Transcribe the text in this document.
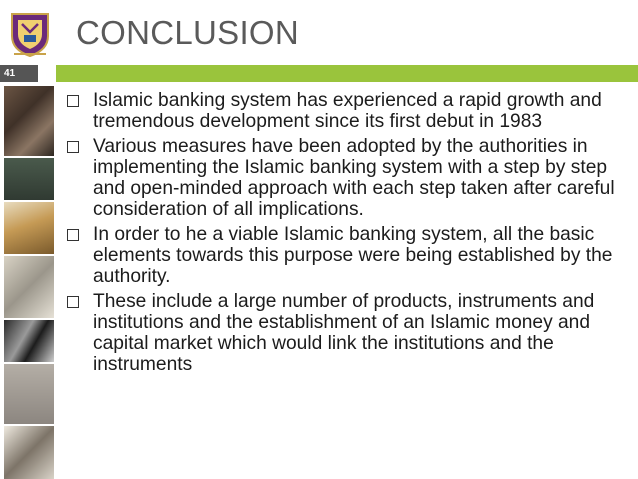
CONCLUSION
41
Islamic banking system has experienced a rapid growth and tremendous development since its first debut in 1983
Various measures have been adopted by the authorities in implementing the Islamic banking system with a step by step and open-minded approach with each step taken after careful consideration of all implications.
In order to he a viable Islamic banking system, all the basic elements towards this purpose were being established by the authority.
These include a large number of products, instruments and institutions and the establishment of an Islamic money and capital market which would link the institutions and the instruments
